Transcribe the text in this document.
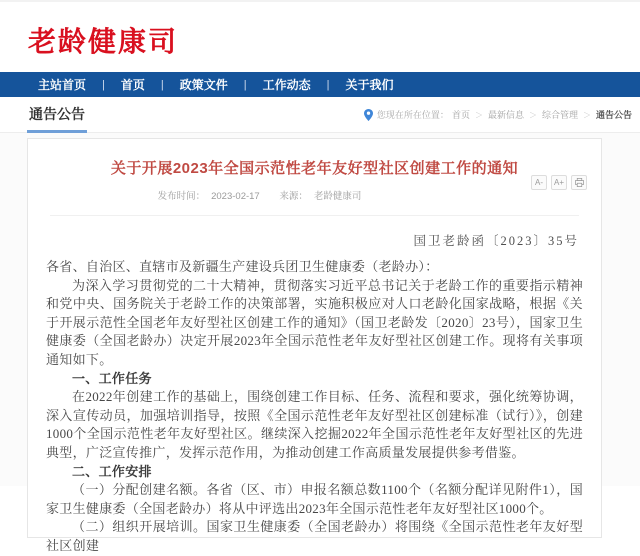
老龄健康司
主站首页 | 首页 | 政策文件 | 工作动态 | 关于我们
通告公告	您现在所在位置： 首页 ＞ 最新信息 ＞ 综合管理 ＞ 通告公告
关于开展2023年全国示范性老年友好型社区创建工作的通知
发布时间： 2023-02-17 来源： 老龄健康司
A-	A+
国卫老龄函〔2023〕35号

各省、自治区、直辖市及新疆生产建设兵团卫生健康委（老龄办）：

为深入学习贯彻党的二十大精神，贯彻落实习近平总书记关于老龄工作的重要指示精神和党中央、国务院关于老龄工作的决策部署，实施积极应对人口老龄化国家战略，根据《关于开展示范性全国老年友好型社区创建工作的通知》（国卫老龄发〔2020〕23号），国家卫生健康委（全国老龄办）决定开展2023年全国示范性老年友好型社区创建工作。现将有关事项通知如下。

一、工作任务

在2022年创建工作的基础上，围绕创建工作目标、任务、流程和要求，强化统筹协调，深入宣传动员，加强培训指导，按照《全国示范性老年友好型社区创建标准（试行）》，创建1000个全国示范性老年友好型社区。继续深入挖掘2022年全国示范性老年友好型社区的先进典型，广泛宣传推广，发挥示范作用，为推动创建工作高质量发展提供参考借鉴。

二、工作安排

（一）分配创建名额。各省（区、市）申报名额总数1100个（名额分配详见附件1），国家卫生健康委（全国老龄办）将从中评选出2023年全国示范性老年友好型社区1000个。

（二）组织开展培训。国家卫生健康委（全国老龄办）将围绕《全国示范性老年友好型社区创建
